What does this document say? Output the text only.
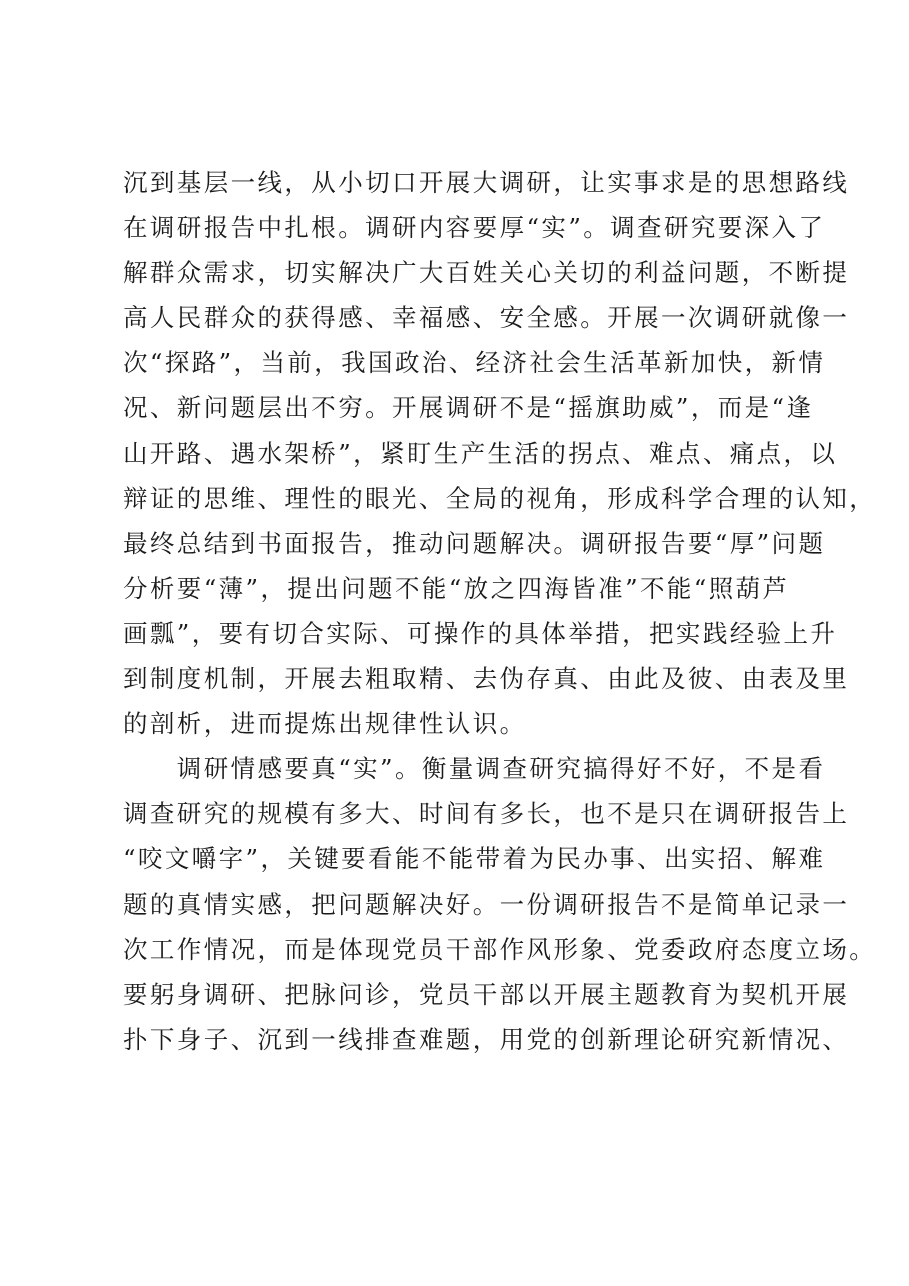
沉到基层一线，从小切口开展大调研，让实事求是的思想路线
在调研报告中扎根。调研内容要厚“实”。调查研究要深入了
解群众需求，切实解决广大百姓关心关切的利益问题，不断提
高人民群众的获得感、幸福感、安全感。开展一次调研就像一
次“探路”，当前，我国政治、经济社会生活革新加快，新情
况、新问题层出不穷。开展调研不是“摇旗助威”，而是“逢
山开路、遇水架桥”，紧盯生产生活的拐点、难点、痛点，以
辩证的思维、理性的眼光、全局的视角，形成科学合理的认知，
最终总结到书面报告，推动问题解决。调研报告要“厚”问题
分析要“薄”，提出问题不能“放之四海皆准”不能“照葫芦
画瓢”，要有切合实际、可操作的具体举措，把实践经验上升
到制度机制，开展去粗取精、去伪存真、由此及彼、由表及里
的剖析，进而提炼出规律性认识。
　　调研情感要真“实”。衡量调查研究搞得好不好，不是看
调查研究的规模有多大、时间有多长，也不是只在调研报告上
“咬文嚼字”，关键要看能不能带着为民办事、出实招、解难
题的真情实感，把问题解决好。一份调研报告不是简单记录一
次工作情况，而是体现党员干部作风形象、党委政府态度立场。
要躬身调研、把脉问诊，党员干部以开展主题教育为契机开展
扑下身子、沉到一线排查难题，用党的创新理论研究新情况、
